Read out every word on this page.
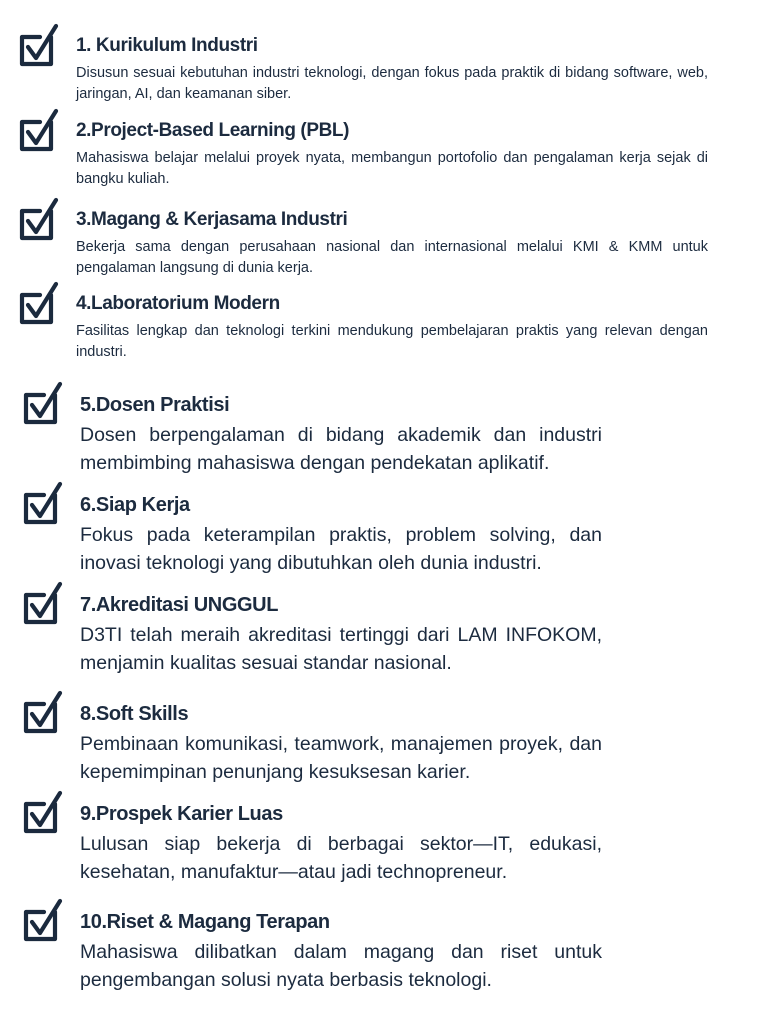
1. Kurikulum Industri

Disusun sesuai kebutuhan industri teknologi, dengan fokus pada praktik di bidang software, web, jaringan, AI, dan keamanan siber.

2.Project-Based Learning (PBL)

Mahasiswa belajar melalui proyek nyata, membangun portofolio dan pengalaman kerja sejak di bangku kuliah.

3.Magang & Kerjasama Industri

Bekerja sama dengan perusahaan nasional dan internasional melalui KMI & KMM untuk pengalaman langsung di dunia kerja.

4.Laboratorium Modern

Fasilitas lengkap dan teknologi terkini mendukung pembelajaran praktis yang relevan dengan industri.

5.Dosen Praktisi

Dosen berpengalaman di bidang akademik dan industri membimbing mahasiswa dengan pendekatan aplikatif.

6.Siap Kerja

Fokus pada keterampilan praktis, problem solving, dan inovasi teknologi yang dibutuhkan oleh dunia industri.

7.Akreditasi UNGGUL

D3TI telah meraih akreditasi tertinggi dari LAM INFOKOM, menjamin kualitas sesuai standar nasional.

8.Soft Skills

Pembinaan komunikasi, teamwork, manajemen proyek, dan kepemimpinan penunjang kesuksesan karier.

9.Prospek Karier Luas

Lulusan siap bekerja di berbagai sektor—IT, edukasi, kesehatan, manufaktur—atau jadi technopreneur.

10.Riset & Magang Terapan

Mahasiswa dilibatkan dalam magang dan riset untuk pengembangan solusi nyata berbasis teknologi.
